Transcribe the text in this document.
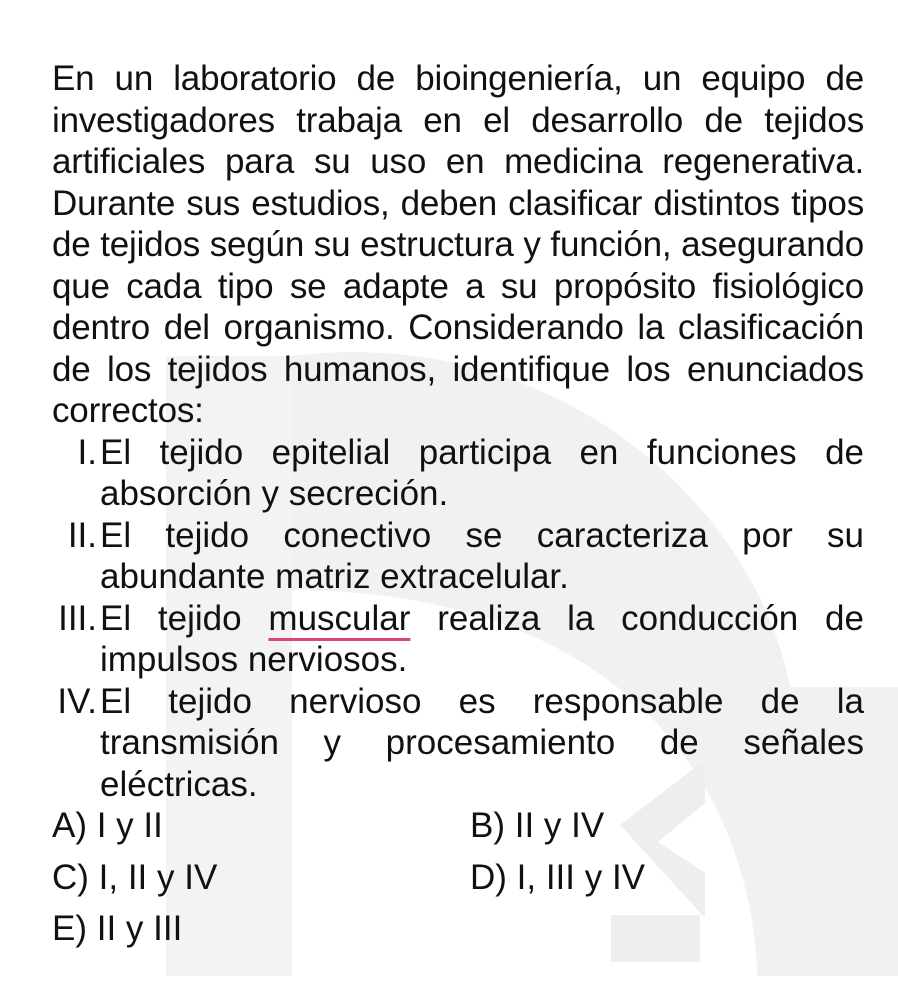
En un laboratorio de bioingeniería, un equipo de investigadores trabaja en el desarrollo de tejidos artificiales para su uso en medicina regenerativa. Durante sus estudios, deben clasificar distintos tipos de tejidos según su estructura y función, asegurando que cada tipo se adapte a su propósito fisiológico dentro del organismo. Considerando la clasificación de los tejidos humanos, identifique los enunciados correctos:

I. El tejido epitelial participa en funciones de absorción y secreción.
II. El tejido conectivo se caracteriza por su abundante matriz extracelular.
III. El tejido muscular realiza la conducción de impulsos nerviosos.
IV. El tejido nervioso es responsable de la transmisión y procesamiento de señales eléctricas.
A) I y II	B) II y IV
C) I, II y IV	D) I, III y IV
E) II y III
